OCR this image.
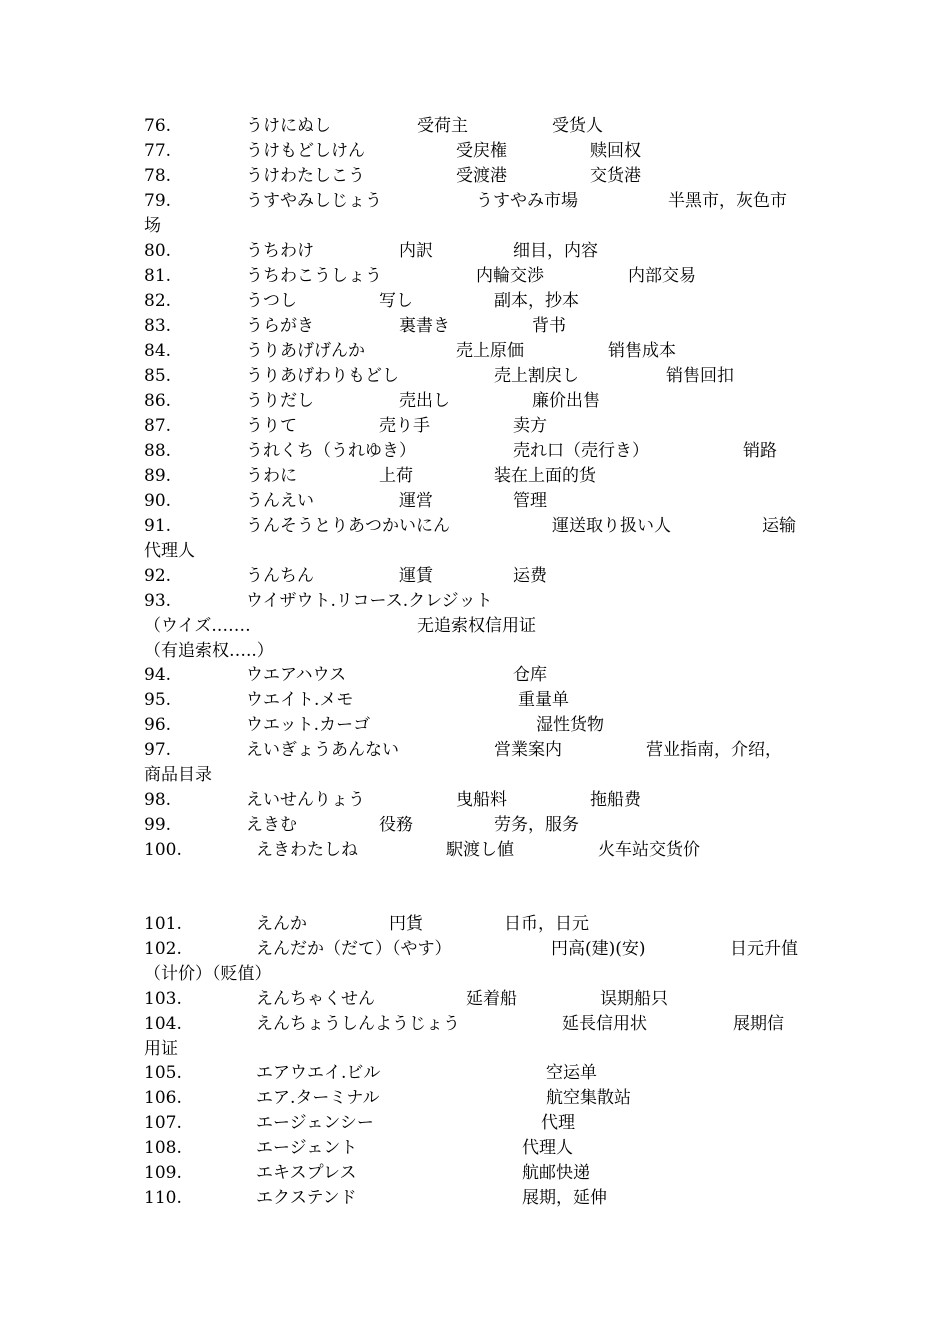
76.	うけにぬし	受荷主	受货人
77.	うけもどしけん	受戻権	赎回权
78.	うけわたしこう	受渡港	交货港
79.	うすやみしじょう	うすやみ市場	半黑市，灰色市
场
80.	うちわけ	内訳	细目，内容
81.	うちわこうしょう	内輪交渉	内部交易
82.	うつし	写し	副本，抄本
83.	うらがき	裏書き	背书
84.	うりあげげんか	売上原価	销售成本
85.	うりあげわりもどし	売上割戻し	销售回扣
86.	うりだし	売出し	廉价出售
87.	うりて	売り手	卖方
88.	うれくち（うれゆき）	売れ口（売行き）	销路
89.	うわに	上荷	装在上面的货
90.	うんえい	運営	管理
91.	うんそうとりあつかいにん	運送取り扱い人	运输
代理人
92.	うんちん	運賃	运费
93.	ウイザウト.リコース.クレジット
（ウイズ.……	无追索权信用证
（有追索权…..）
94.	ウエアハウス	仓库
95.	ウエイト.メモ	重量单
96.	ウエット.カーゴ	湿性货物
97.	えいぎょうあんない	営業案内	营业指南，介绍，
商品目录
98.	えいせんりょう	曳船料	拖船费
99.	えきむ	役務	劳务，服务
100.	えきわたしね	駅渡し値	火车站交货价
101.	えんか	円貨	日币，日元
102.	えんだか（だて）（やす）	円高(建)(安)	日元升值
（计价）（贬值）
103.	えんちゃくせん	延着船	误期船只
104.	えんちょうしんようじょう	延長信用状	展期信
用证
105.	エアウエイ.ビル	空运单
106.	エア.ターミナル	航空集散站
107.	エージェンシー	代理
108.	エージェント	代理人
109.	エキスプレス	航邮快递
110.	エクステンド	展期，延伸
